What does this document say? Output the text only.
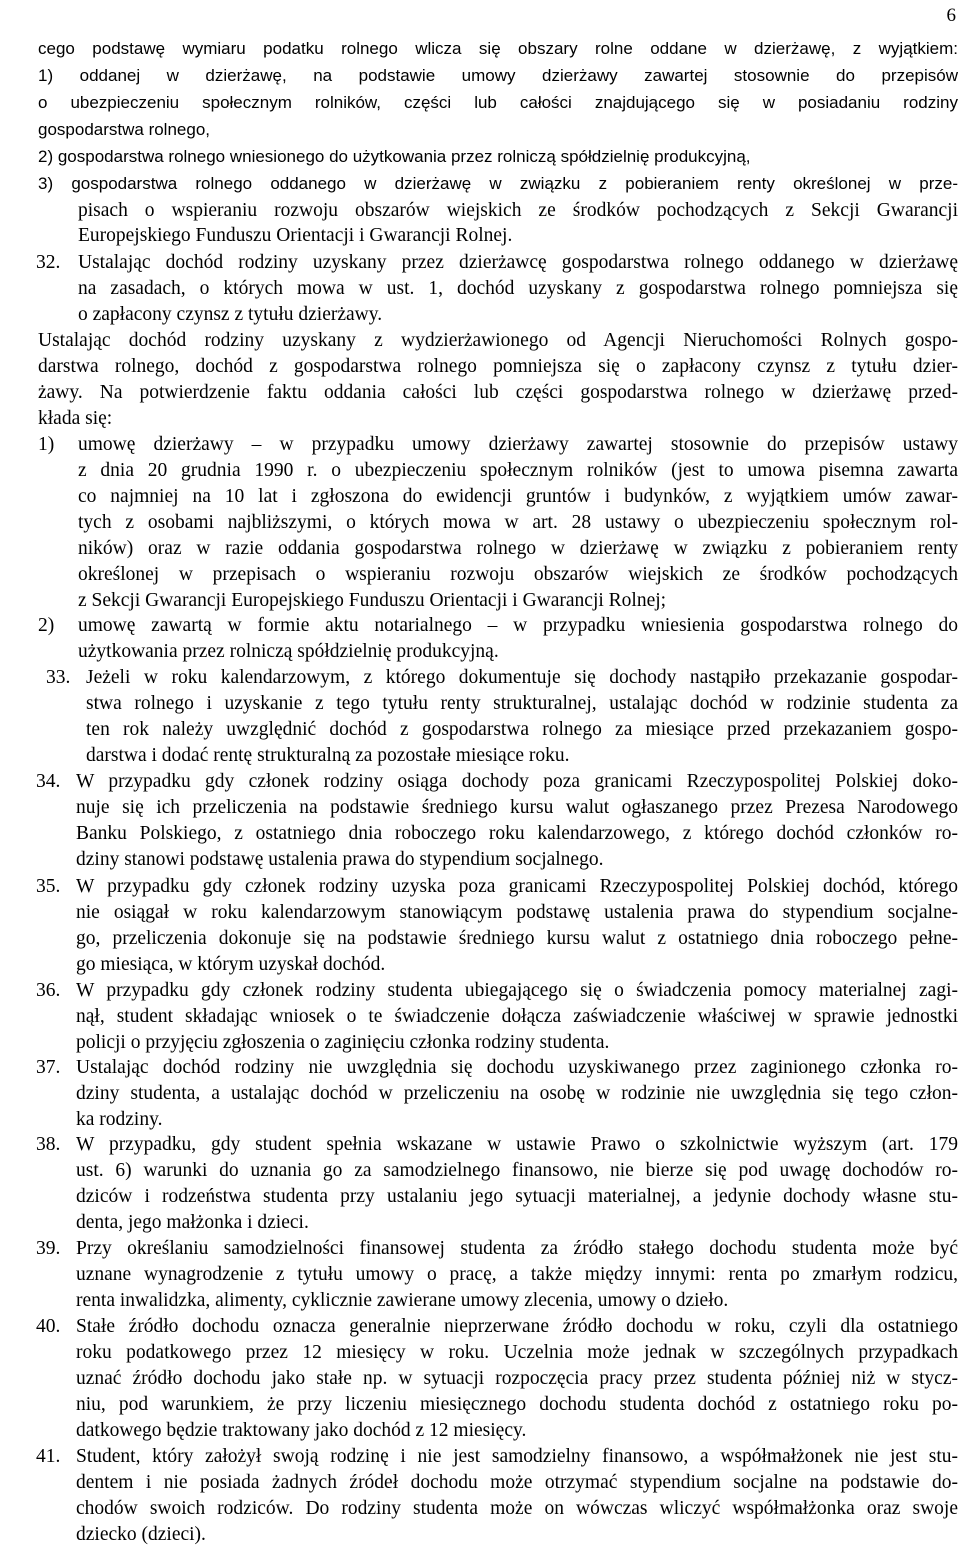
6
cego podstawę wymiaru podatku rolnego wlicza się obszary rolne oddane w dzierżawę, z wyjątkiem:
1) oddanej w dzierżawę, na podstawie umowy dzierżawy zawartej stosownie do przepisów
o ubezpieczeniu społecznym rolników, części lub całości znajdującego się w posiadaniu rodziny
gospodarstwa rolnego,
2) gospodarstwa rolnego wniesionego do użytkowania przez rolniczą spółdzielnię produkcyjną,
3) gospodarstwa rolnego oddanego w dzierżawę w związku z pobieraniem renty określonej w prze-
pisach o wspieraniu rozwoju obszarów wiejskich ze środków pochodzących z Sekcji Gwarancji
Europejskiego Funduszu Orientacji i Gwarancji Rolnej.
32. Ustalając dochód rodziny uzyskany przez dzierżawcę gospodarstwa rolnego oddanego w dzierżawę
na zasadach, o których mowa w ust. 1, dochód uzyskany z gospodarstwa rolnego pomniejsza się
o zapłacony czynsz z tytułu dzierżawy.
Ustalając dochód rodziny uzyskany z wydzierżawionego od Agencji Nieruchomości Rolnych gospo-
darstwa rolnego, dochód z gospodarstwa rolnego pomniejsza się o zapłacony czynsz z tytułu dzier-
żawy. Na potwierdzenie faktu oddania całości lub części gospodarstwa rolnego w dzierżawę przed-
kłada się:
1) umowę dzierżawy – w przypadku umowy dzierżawy zawartej stosownie do przepisów ustawy
z dnia 20 grudnia 1990 r. o ubezpieczeniu społecznym rolników (jest to umowa pisemna zawarta
co najmniej na 10 lat i zgłoszona do ewidencji gruntów i budynków, z wyjątkiem umów zawar-
tych z osobami najbliższymi, o których mowa w art. 28 ustawy o ubezpieczeniu społecznym rol-
ników) oraz w razie oddania gospodarstwa rolnego w dzierżawę w związku z pobieraniem renty
określonej w przepisach o wspieraniu rozwoju obszarów wiejskich ze środków pochodzących
z Sekcji Gwarancji Europejskiego Funduszu Orientacji i Gwarancji Rolnej;
2) umowę zawartą w formie aktu notarialnego – w przypadku wniesienia gospodarstwa rolnego do
użytkowania przez rolniczą spółdzielnię produkcyjną.
33. Jeżeli w roku kalendarzowym, z którego dokumentuje się dochody nastąpiło przekazanie gospodar-
stwa rolnego i uzyskanie z tego tytułu renty strukturalnej, ustalając dochód w rodzinie studenta za
ten rok należy uwzględnić dochód z gospodarstwa rolnego za miesiące przed przekazaniem gospo-
darstwa i dodać rentę strukturalną za pozostałe miesiące roku.
34. W przypadku gdy członek rodziny osiąga dochody poza granicami Rzeczypospolitej Polskiej doko-
nuje się ich przeliczenia na podstawie średniego kursu walut ogłaszanego przez Prezesa Narodowego
Banku Polskiego, z ostatniego dnia roboczego roku kalendarzowego, z którego dochód członków ro-
dziny stanowi podstawę ustalenia prawa do stypendium socjalnego.
35. W przypadku gdy członek rodziny uzyska poza granicami Rzeczypospolitej Polskiej dochód, którego
nie osiągał w roku kalendarzowym stanowiącym podstawę ustalenia prawa do stypendium socjalne-
go, przeliczenia dokonuje się na podstawie średniego kursu walut z ostatniego dnia roboczego pełne-
go miesiąca, w którym uzyskał dochód.
36. W przypadku gdy członek rodziny studenta ubiegającego się o świadczenia pomocy materialnej zagi-
nął, student składając wniosek o te świadczenie dołącza zaświadczenie właściwej w sprawie jednostki
policji o przyjęciu zgłoszenia o zaginięciu członka rodziny studenta.
37. Ustalając dochód rodziny nie uwzględnia się dochodu uzyskiwanego przez zaginionego członka ro-
dziny studenta, a ustalając dochód w przeliczeniu na osobę w rodzinie nie uwzględnia się tego człon-
ka rodziny.
38. W przypadku, gdy student spełnia wskazane w ustawie Prawo o szkolnictwie wyższym (art. 179
ust. 6) warunki do uznania go za samodzielnego finansowo, nie bierze się pod uwagę dochodów ro-
dziców i rodzeństwa studenta przy ustalaniu jego sytuacji materialnej, a jedynie dochody własne stu-
denta, jego małżonka i dzieci.
39. Przy określaniu samodzielności finansowej studenta za źródło stałego dochodu studenta może być
uznane wynagrodzenie z tytułu umowy o pracę, a także między innymi: renta po zmarłym rodzicu,
renta inwalidzka, alimenty, cyklicznie zawierane umowy zlecenia, umowy o dzieło.
40. Stałe źródło dochodu oznacza generalnie nieprzerwane źródło dochodu w roku, czyli dla ostatniego
roku podatkowego przez 12 miesięcy w roku. Uczelnia może jednak w szczególnych przypadkach
uznać źródło dochodu jako stałe np. w sytuacji rozpoczęcia pracy przez studenta później niż w stycz-
niu, pod warunkiem, że przy liczeniu miesięcznego dochodu studenta dochód z ostatniego roku po-
datkowego będzie traktowany jako dochód z 12 miesięcy.
41. Student, który założył swoją rodzinę i nie jest samodzielny finansowo, a współmałżonek nie jest stu-
dentem i nie posiada żadnych źródeł dochodu może otrzymać stypendium socjalne na podstawie do-
chodów swoich rodziców. Do rodziny studenta może on wówczas wliczyć współmałżonka oraz swoje
dziecko (dzieci).
